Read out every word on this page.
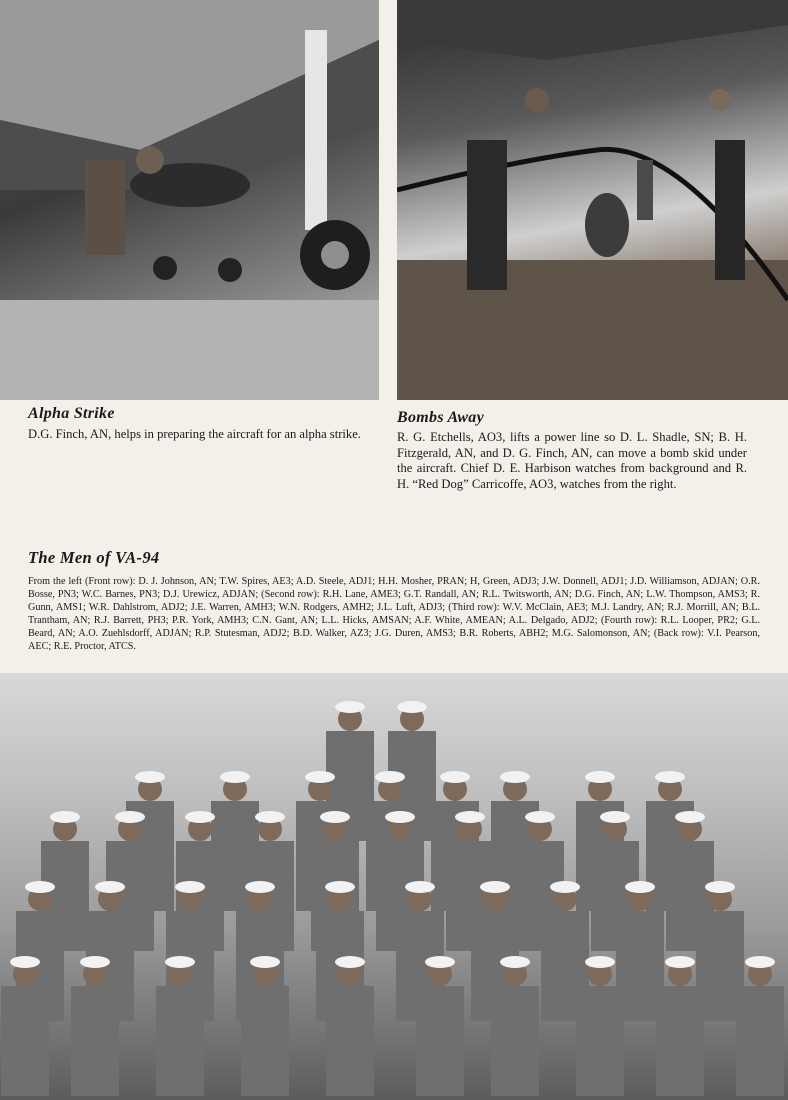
Alpha Strike
D.G. Finch, AN, helps in preparing the aircraft for an alpha strike.
Bombs Away
R. G. Etchells, AO3, lifts a power line so D. L. Shadle, SN; B. H. Fitzgerald, AN, and D. G. Finch, AN, can move a bomb skid under the aircraft. Chief D. E. Harbison watches from background and R. H. “Red Dog” Carricoffe, AO3, watches from the right.
The Men of VA-94
From the left (Front row): D. J. Johnson, AN; T.W. Spires, AE3; A.D. Steele, ADJ1; H.H. Mosher, PRAN; H, Green, ADJ3; J.W. Donnell, ADJ1; J.D. Williamson, ADJAN; O.R. Bosse, PN3; W.C. Barnes, PN3; D.J. Urewicz, ADJAN; (Second row): R.H. Lane, AME3; G.T. Randall, AN; R.L. Twitsworth, AN; D.G. Finch, AN; L.W. Thompson, AMS3; R. Gunn, AMS1; W.R. Dahlstrom, ADJ2; J.E. Warren, AMH3; W.N. Rodgers, AMH2; J.L. Luft, ADJ3; (Third row): W.V. McClain, AE3; M.J. Landry, AN; R.J. Morrill, AN; B.L. Trantham, AN; R.J. Barrett, PH3; P.R. York, AMH3; C.N. Gant, AN; L.L. Hicks, AMSAN; A.F. White, AMEAN; A.L. Delgado, ADJ2; (Fourth row): R.L. Looper, PR2; G.L. Beard, AN; A.O. Zuehlsdorff, ADJAN; R.P. Stutesman, ADJ2; B.D. Walker, AZ3; J.G. Duren, AMS3; B.R. Roberts, ABH2; M.G. Salomonson, AN; (Back row): V.I. Pearson, AEC; R.E. Proctor, ATCS.
